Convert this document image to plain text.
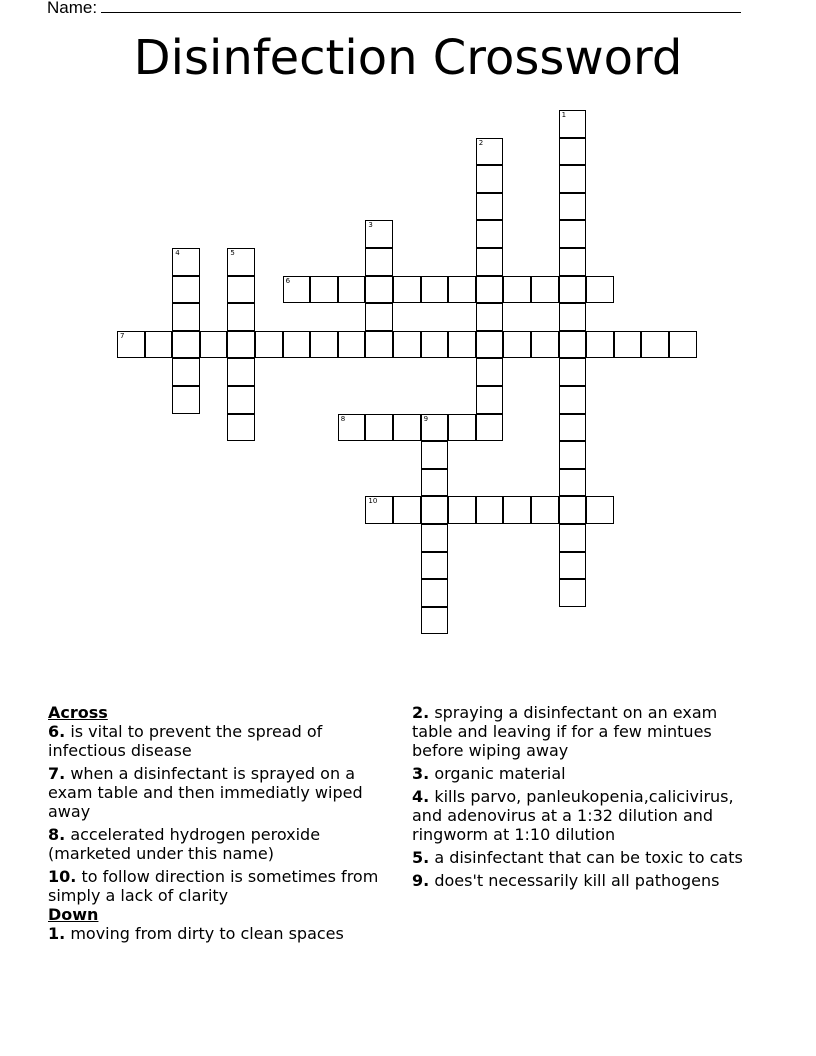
Name:
Disinfection Crossword
1
2
3
4	5
6
7
8	9
10
Across
6. is vital to prevent the spread of infectious disease
7. when a disinfectant is sprayed on a exam table and then immediatly wiped away
8. accelerated hydrogen peroxide (marketed under this name)
10. to follow direction is sometimes from simply a lack of clarity
Down
1. moving from dirty to clean spaces
2. spraying a disinfectant on an exam table and leaving if for a few mintues before wiping away
3. organic material
4. kills parvo, panleukopenia,calicivirus, and adenovirus at a 1:32 dilution and ringworm at 1:10 dilution
5. a disinfectant that can be toxic to cats
9. does't necessarily kill all pathogens
